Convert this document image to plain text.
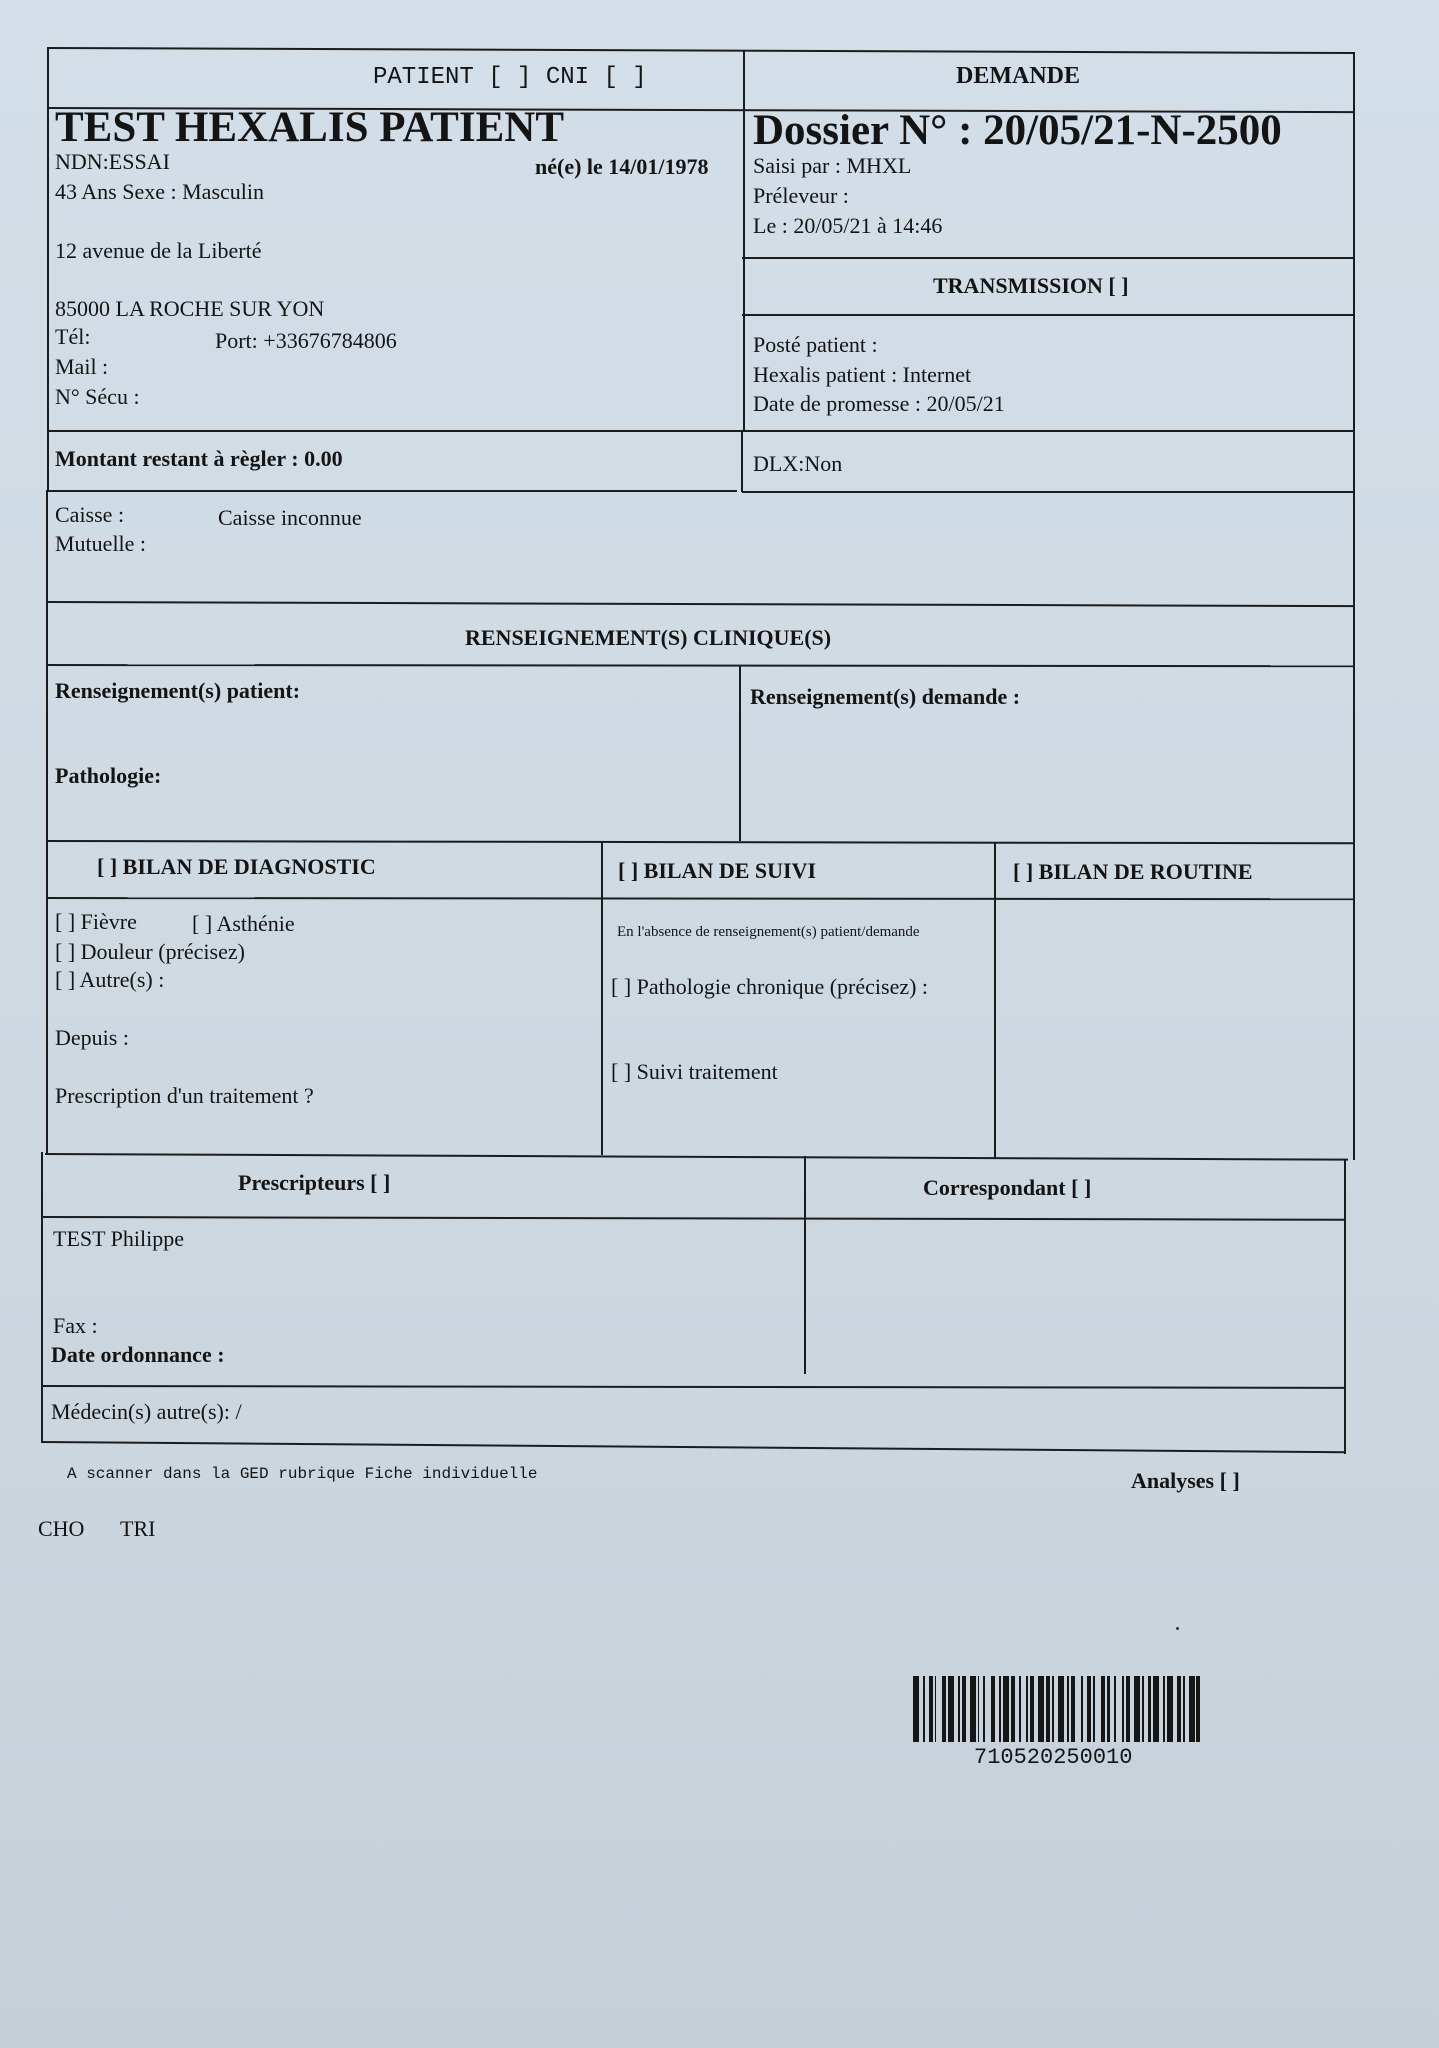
PATIENT [ ] CNI [ ]	DEMANDE
TEST HEXALIS PATIENT
NDN:ESSAI	né(e) le 14/01/1978
43 Ans Sexe : Masculin
12 avenue de la Liberté
85000 LA ROCHE SUR YON
Tél:	Port: +33676784806
Mail :
N° Sécu :
Dossier N° : 20/05/21-N-2500
Saisi par : MHXL
Préleveur :
Le : 20/05/21 à 14:46
TRANSMISSION [ ]
Posté patient :
Hexalis patient : Internet
Date de promesse : 20/05/21
Montant restant à règler : 0.00	DLX:Non
Caisse :	Caisse inconnue
Mutuelle :
RENSEIGNEMENT(S) CLINIQUE(S)
Renseignement(s) patient:
Pathologie:
Renseignement(s) demande :
[ ] BILAN DE DIAGNOSTIC	[ ] BILAN DE SUIVI	[ ] BILAN DE ROUTINE
[ ] Fièvre	[ ] Asthénie
[ ] Douleur (précisez)
[ ] Autre(s) :
Depuis :
Prescription d'un traitement ?
En l'absence de renseignement(s) patient/demande
[ ] Pathologie chronique (précisez) :
[ ] Suivi traitement
Prescripteurs [ ]	Correspondant [ ]
TEST Philippe
Fax :
Date ordonnance :
Médecin(s) autre(s): /
A scanner dans la GED rubrique Fiche individuelle	Analyses [ ]
CHO TRI
710520250010
